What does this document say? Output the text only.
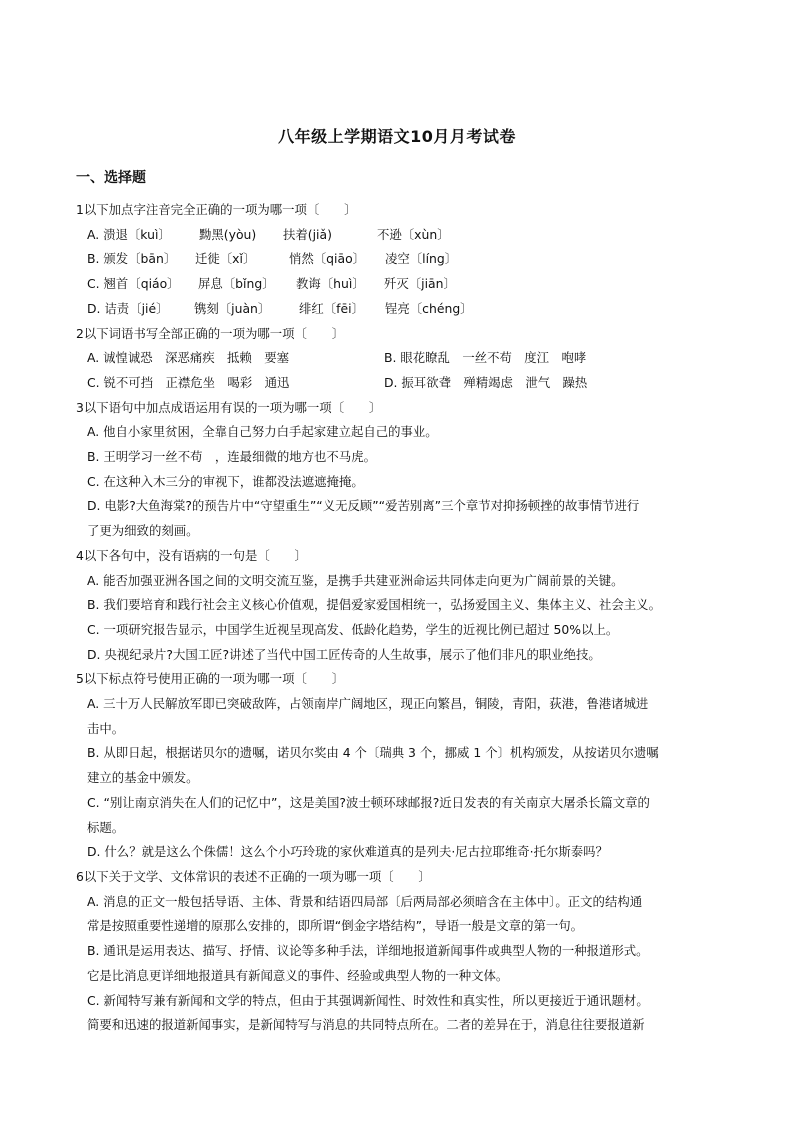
八年级上学期语文10月月考试卷
一、选择题
1以下加点字注音完全正确的一项为哪一项〔　　〕
A. 溃退〔kuì〕	黝黑(yòu)	扶着(jiǎ)	不逊〔xùn〕
B. 颁发〔bān〕	迁徙〔xǐ〕	悄然〔qiāo〕	凌空〔líng〕
C. 翘首〔qiáo〕	屏息〔bǐng〕	教诲〔huì〕	歼灭〔jiān〕
D. 诘责〔jié〕	镌刻〔juàn〕	绯红〔fēi〕	锃亮〔chéng〕
2以下词语书写全部正确的一项为哪一项〔　　〕
A. 诚惶诚恐　深恶痛疾　抵赖　要塞	B. 眼花瞭乱　一丝不苟　度江　咆哮
C. 锐不可挡　正襟危坐　喝彩　通迅	D. 振耳欲聋　殚精竭虑　泄气　躁热
3以下语句中加点成语运用有误的一项为哪一项〔　　〕
A. 他自小家里贫困，全靠自己努力白手起家建立起自己的事业。
B. 王明学习一丝不苟　，连最细微的地方也不马虎。
C. 在这种入木三分的审视下，谁都没法遮遮掩掩。
D. 电影?大鱼海棠?的预告片中“守望重生”“义无反顾”“爱苦别离”三个章节对抑扬顿挫的故事情节进行
了更为细致的刻画。
4以下各句中，没有语病的一句是〔　　〕
A. 能否加强亚洲各国之间的文明交流互鉴，是携手共建亚洲命运共同体走向更为广阔前景的关键。
B. 我们要培育和践行社会主义核心价值观，提倡爱家爱国相统一，弘扬爱国主义、集体主义、社会主义。
C. 一项研究报告显示，中国学生近视呈现高发、低龄化趋势，学生的近视比例已超过 50%以上。
D. 央视纪录片?大国工匠?讲述了当代中国工匠传奇的人生故事，展示了他们非凡的职业绝技。
5以下标点符号使用正确的一项为哪一项〔　　〕
A. 三十万人民解放军即已突破敌阵，占领南岸广阔地区，现正向繁昌，铜陵，青阳，荻港，鲁港诸城进
击中。
B. 从即日起，根据诺贝尔的遗嘱，诺贝尔奖由 4 个〔瑞典 3 个，挪威 1 个〕机构颁发，从按诺贝尔遗嘱
建立的基金中颁发。
C. “别让南京消失在人们的记忆中”，这是美国?波士顿环球邮报?近日发表的有关南京大屠杀长篇文章的
标题。
D. 什么？就是这么个侏儒！这么个小巧玲珑的家伙难道真的是列夫·尼古拉耶维奇·托尔斯泰吗？
6以下关于文学、文体常识的表述不正确的一项为哪一项〔　　〕
A. 消息的正文一般包括导语、主体、背景和结语四局部〔后两局部必须暗含在主体中〕。正文的结构通
常是按照重要性递增的原那么安排的，即所谓“倒金字塔结构”，导语一般是文章的第一句。
B. 通讯是运用表达、描写、抒情、议论等多种手法，详细地报道新闻事件或典型人物的一种报道形式。
它是比消息更详细地报道具有新闻意义的事件、经验或典型人物的一种文体。
C. 新闻特写兼有新闻和文学的特点，但由于其强调新闻性、时效性和真实性，所以更接近于通讯题材。
简要和迅速的报道新闻事实，是新闻特写与消息的共同特点所在。二者的差异在于，消息往往要报道新
